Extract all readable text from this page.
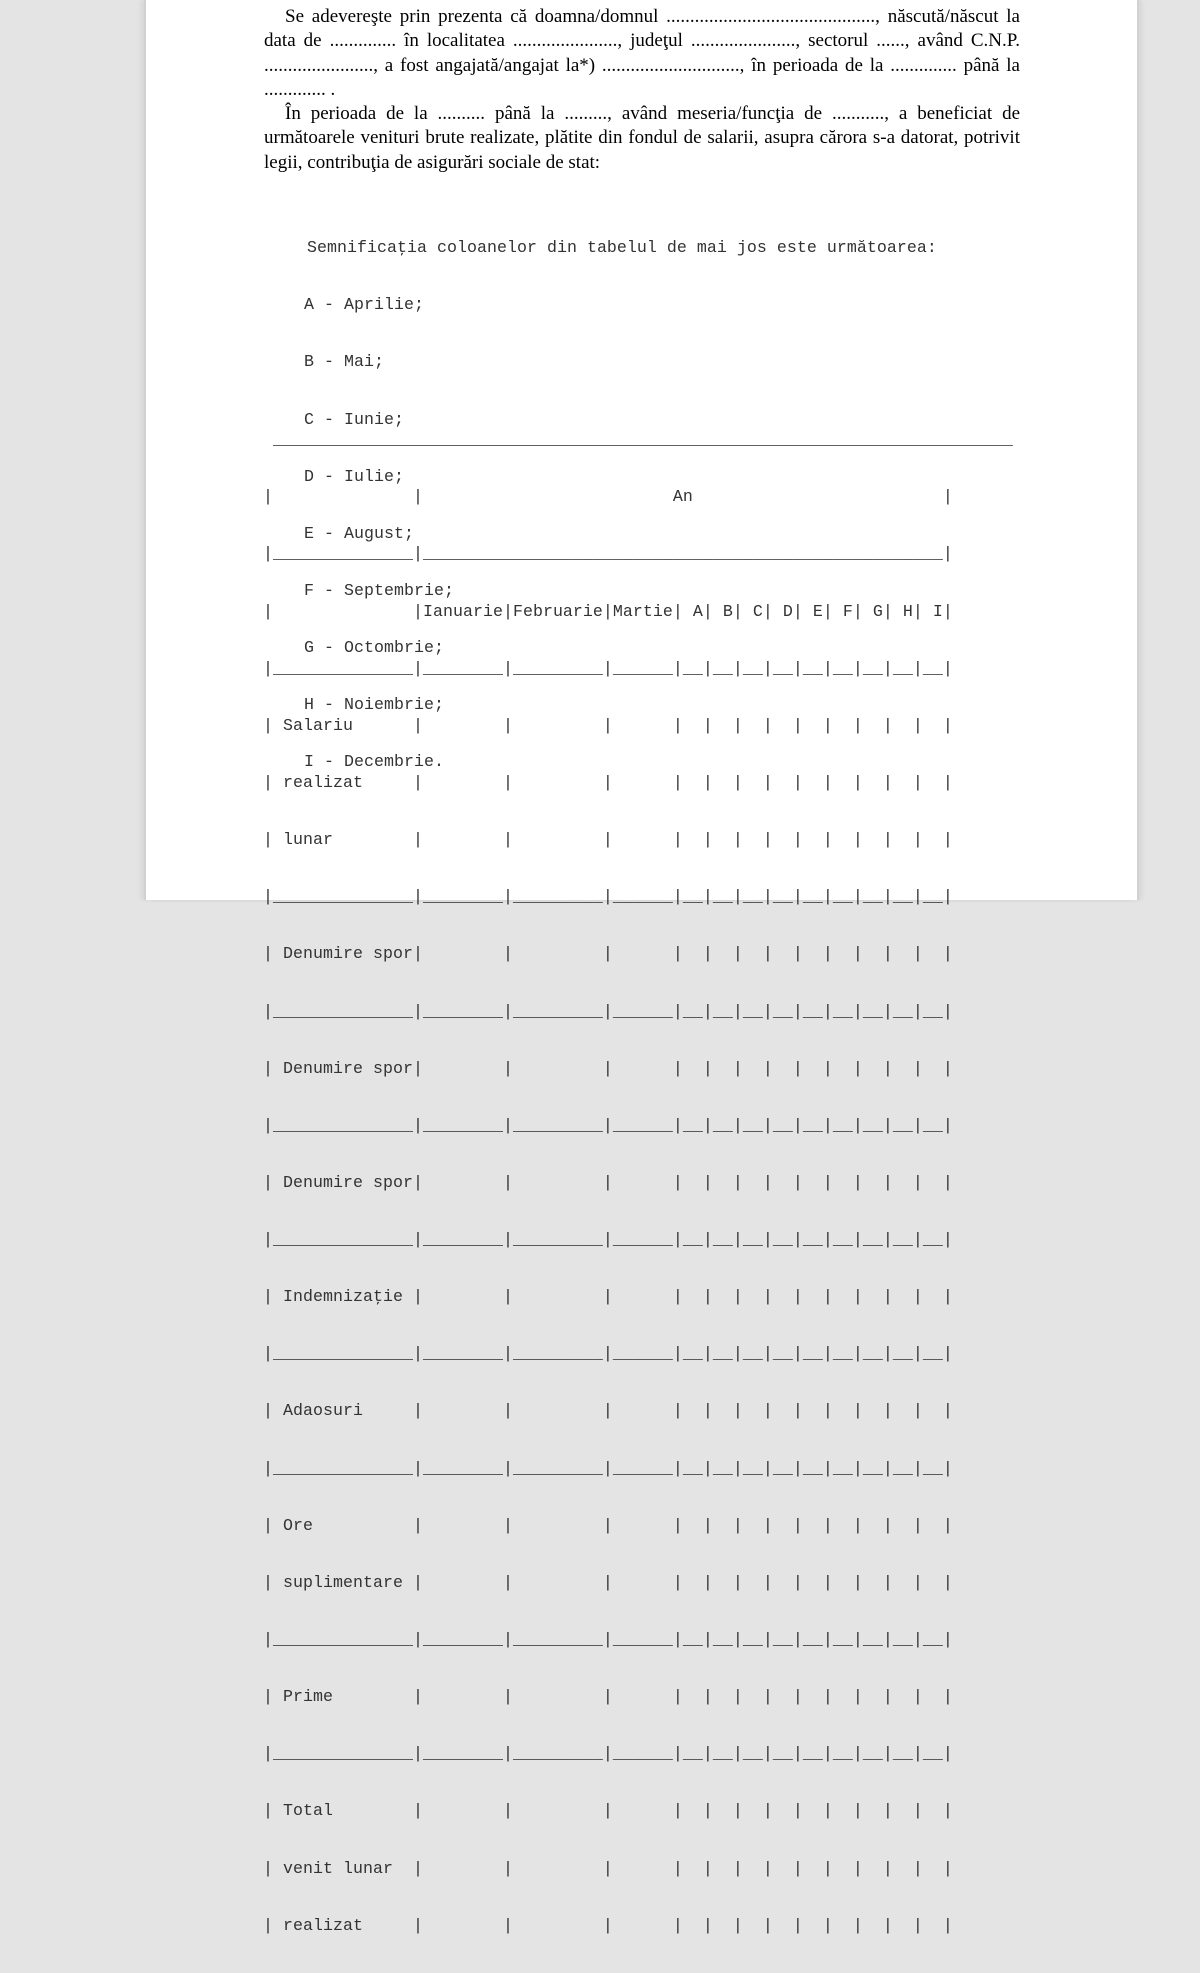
Se adevereşte prin prezenta că doamna/domnul ............................................, născută/născut la data de .............. în localitatea ......................, judeţul ......................, sectorul ......, având C.N.P. ......................., a fost angajată/angajat la*) ............................., în perioada de la .............. până la ............. .

În perioada de la .......... până la ........., având meseria/funcţia de ..........., a beneficiat de următoarele venituri brute realizate, plătite din fondul de salarii, asupra cărora s-a datorat, potrivit legii, contribuţia de asigurări sociale de stat:

Semnificaţia coloanelor din tabelul de mai jos este următoarea:

A - Aprilie;

B - Mai;

C - Iunie;

D - Iulie;

E - August;

F - Septembrie;

G - Octombrie;

H - Noiembrie;

I - Decembrie.

__________________________________________________________________________

|              |                         An                         |

|______________|____________________________________________________|

|              |Ianuarie|Februarie|Martie| A| B| C| D| E| F| G| H| I|

|______________|________|_________|______|__|__|__|__|__|__|__|__|__|

| Salariu      |        |         |      |  |  |  |  |  |  |  |  |  |

| realizat     |        |         |      |  |  |  |  |  |  |  |  |  |

| lunar        |        |         |      |  |  |  |  |  |  |  |  |  |

|______________|________|_________|______|__|__|__|__|__|__|__|__|__|

| Denumire spor|        |         |      |  |  |  |  |  |  |  |  |  |

|______________|________|_________|______|__|__|__|__|__|__|__|__|__|

| Denumire spor|        |         |      |  |  |  |  |  |  |  |  |  |

|______________|________|_________|______|__|__|__|__|__|__|__|__|__|

| Denumire spor|        |         |      |  |  |  |  |  |  |  |  |  |

|______________|________|_________|______|__|__|__|__|__|__|__|__|__|

| Indemnizaţie |        |         |      |  |  |  |  |  |  |  |  |  |

|______________|________|_________|______|__|__|__|__|__|__|__|__|__|

| Adaosuri     |        |         |      |  |  |  |  |  |  |  |  |  |

|______________|________|_________|______|__|__|__|__|__|__|__|__|__|

| Ore          |        |         |      |  |  |  |  |  |  |  |  |  |

| suplimentare |        |         |      |  |  |  |  |  |  |  |  |  |

|______________|________|_________|______|__|__|__|__|__|__|__|__|__|

| Prime        |        |         |      |  |  |  |  |  |  |  |  |  |

|______________|________|_________|______|__|__|__|__|__|__|__|__|__|

| Total        |        |         |      |  |  |  |  |  |  |  |  |  |

| venit lunar  |        |         |      |  |  |  |  |  |  |  |  |  |

| realizat     |        |         |      |  |  |  |  |  |  |  |  |  |
